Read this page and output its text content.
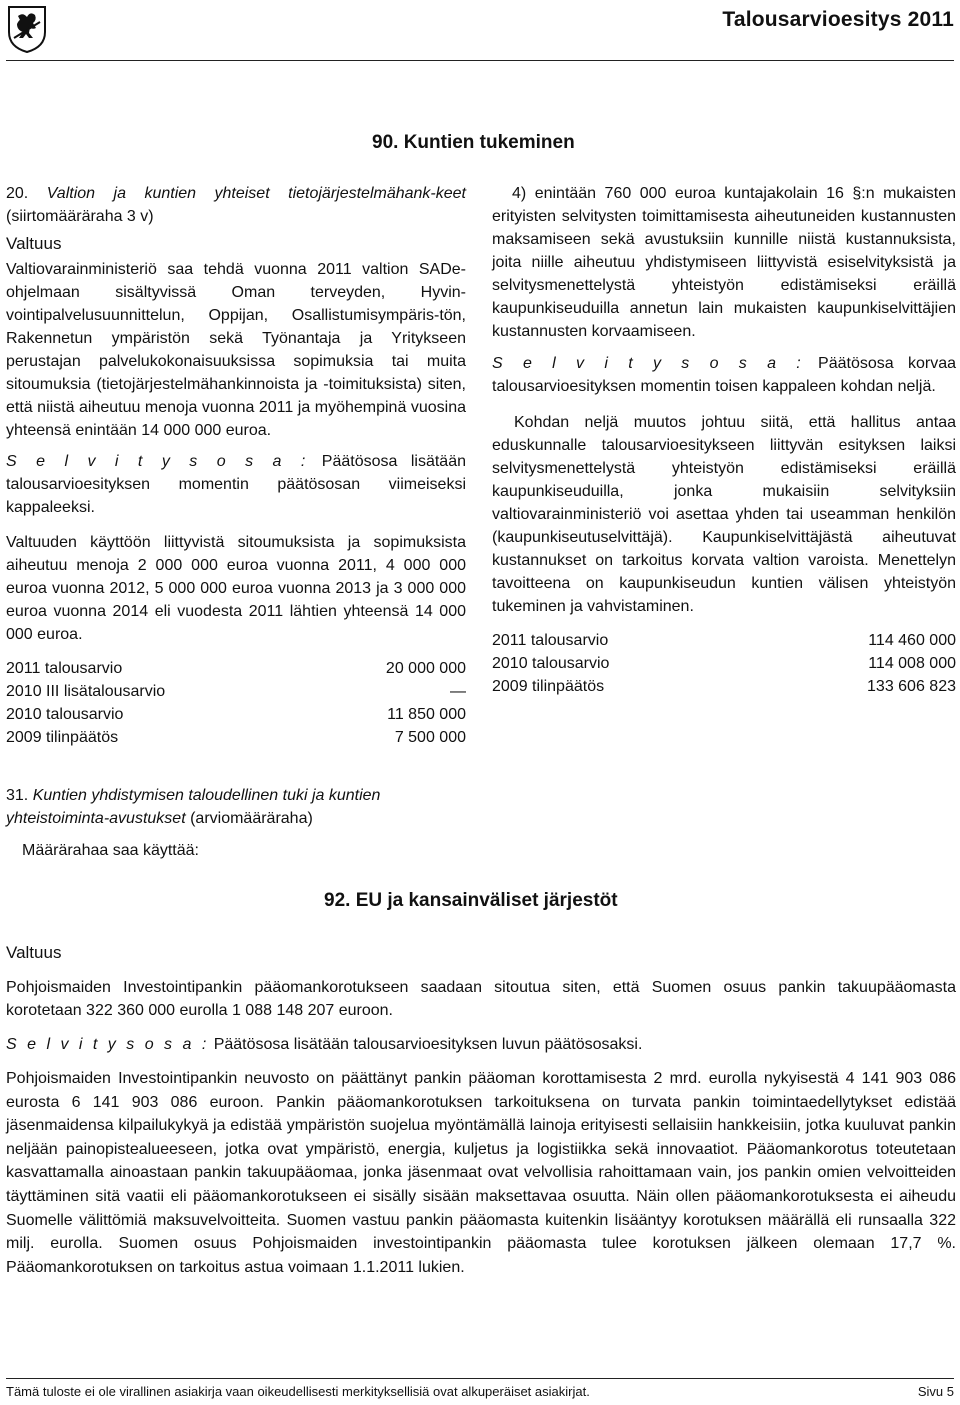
Talousarvioesitys 2011
90. Kuntien tukeminen

20. Valtion ja kuntien yhteiset tietojärjestelmähank-keet (siirtomääräraha 3 v)

Valtuus

Valtiovarainministeriö saa tehdä vuonna 2011 valtion SADe-ohjelmaan sisältyvissä Oman terveyden, Hyvin-vointipalvelusuunnittelun, Oppijan, Osallistumisympäris-tön, Rakennetun ympäristön sekä Työnantaja ja Yritykseen perustajan palvelukokonaisuuksissa sopimuksia tai muita sitoumuksia (tietojärjestelmähankinnoista ja -toimituksista) siten, että niistä aiheutuu menoja vuonna 2011 ja myöhempinä vuosina yhteensä enintään 14 000 000 euroa.

S e l v i t y s o s a : Päätösosa lisätään talousarvioesityksen momentin päätösosan viimeiseksi kappaleeksi.

Valtuuden käyttöön liittyvistä sitoumuksista ja sopimuksista aiheutuu menoja 2 000 000 euroa vuonna 2011, 4 000 000 euroa vuonna 2012, 5 000 000 euroa vuonna 2013 ja 3 000 000 euroa vuonna 2014 eli vuodesta 2011 lähtien yhteensä 14 000 000 euroa.

2011 talousarvio	20 000 000
2010 III lisätalousarvio	—
2010 talousarvio	11 850 000
2009 tilinpäätös	7 500 000

31. Kuntien yhdistymisen taloudellinen tuki ja kuntien yhteistoiminta-avustukset (arviomääräraha)

Määrärahaa saa käyttää:

4) enintään 760 000 euroa kuntajakolain 16 §:n mukaisten erityisten selvitysten toimittamisesta aiheutuneiden kustannusten maksamiseen sekä avustuksiin kunnille niistä kustannuksista, joita niille aiheutuu yhdistymiseen liittyvistä esiselvityksistä ja selvitysmenettelystä yhteistyön edistämiseksi eräillä kaupunkiseuduilla annetun lain mukaisten kaupunkiselvittäjien kustannusten korvaamiseen.

S e l v i t y s o s a : Päätösosa korvaa talousarvioesityksen momentin toisen kappaleen kohdan neljä.

Kohdan neljä muutos johtuu siitä, että hallitus antaa eduskunnalle talousarvioesitykseen liittyvän esityksen laiksi selvitysmenettelystä yhteistyön edistämiseksi eräillä kaupunkiseuduilla, jonka mukaisiin selvityksiin valtiovarainministeriö voi asettaa yhden tai useamman henkilön (kaupunkiseutuselvittäjä). Kaupunkiselvittäjästä aiheutuvat kustannukset on tarkoitus korvata valtion varoista. Menettelyn tavoitteena on kaupunkiseudun kuntien välisen yhteistyön tukeminen ja vahvistaminen.

2011 talousarvio	114 460 000
2010 talousarvio	114 008 000
2009 tilinpäätös	133 606 823
92. EU ja kansainväliset järjestöt

Valtuus

Pohjoismaiden Investointipankin pääomankorotukseen saadaan sitoutua siten, että Suomen osuus pankin takuupääomasta korotetaan 322 360 000 eurolla 1 088 148 207 euroon.

S e l v i t y s o s a : Päätösosa lisätään talousarvioesityksen luvun päätösosaksi.

Pohjoismaiden Investointipankin neuvosto on päättänyt pankin pääoman korottamisesta 2 mrd. eurolla nykyisestä 4 141 903 086 eurosta 6 141 903 086 euroon. Pankin pääomankorotuksen tarkoituksena on turvata pankin toimintaedellytykset edistää jäsenmaidensa kilpailukykyä ja edistää ympäristön suojelua myöntämällä lainoja erityisesti sellaisiin hankkeisiin, jotka kuuluvat pankin neljään painopistealueeseen, jotka ovat ympäristö, energia, kuljetus ja logistiikka sekä innovaatiot. Pääomankorotus toteutetaan kasvattamalla ainoastaan pankin takuupääomaa, jonka jäsenmaat ovat velvollisia rahoittamaan vain, jos pankin omien velvoitteiden täyttäminen sitä vaatii eli pääomankorotukseen ei sisälly sisään maksettavaa osuutta. Näin ollen pääomankorotuksesta ei aiheudu Suomelle välittömiä maksuvelvoitteita. Suomen vastuu pankin pääomasta kuitenkin lisääntyy korotuksen määrällä eli runsaalla 322 milj. eurolla. Suomen osuus Pohjoismaiden investointipankin pääomasta tulee korotuksen jälkeen olemaan 17,7 %. Pääomankorotuksen on tarkoitus astua voimaan 1.1.2011 lukien.

Tämä tuloste ei ole virallinen asiakirja vaan oikeudellisesti merkityksellisiä ovat alkuperäiset asiakirjat.	Sivu 5
